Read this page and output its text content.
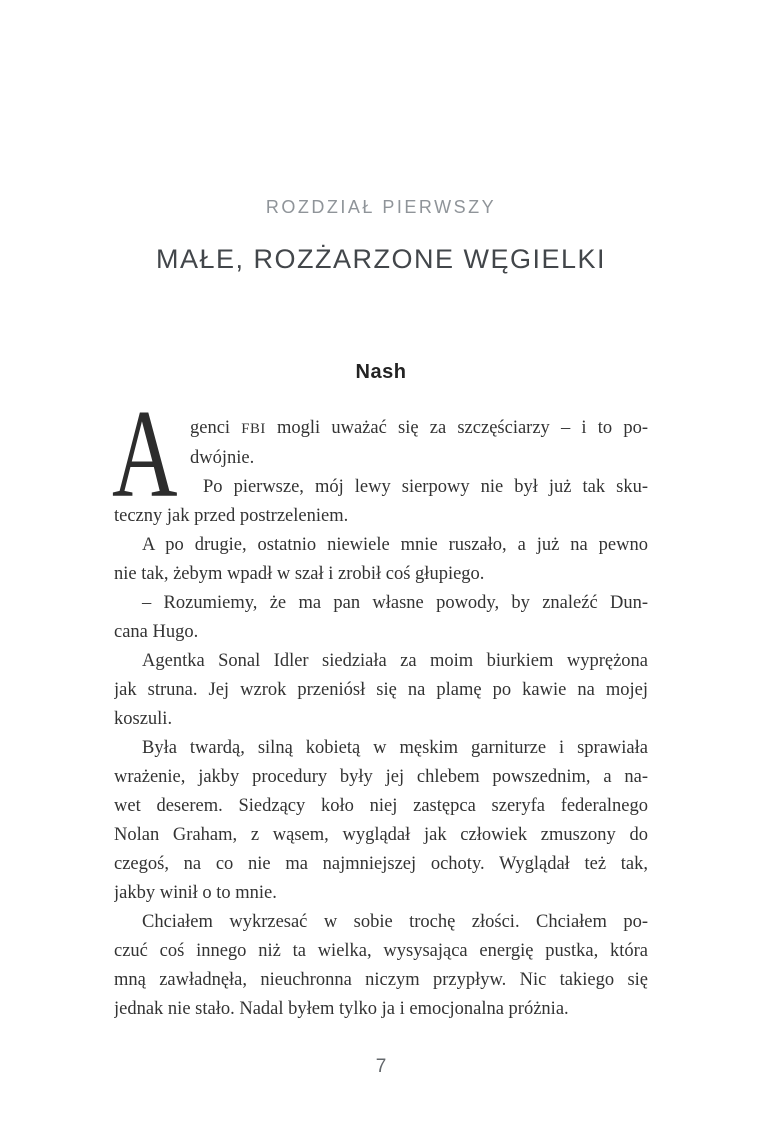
ROZDZIAŁ PIERWSZY
MAŁE, ROZŻARZONE WĘGIELKI
Nash
A genci FBI mogli uważać się za szczęściarzy – i to po-
dwójnie.
Po pierwsze, mój lewy sierpowy nie był już tak sku-
teczny jak przed postrzeleniem.
A po drugie, ostatnio niewiele mnie ruszało, a już na pewno
nie tak, żebym wpadł w szał i zrobił coś głupiego.
– Rozumiemy, że ma pan własne powody, by znaleźć Dun-
cana Hugo.
Agentka Sonal Idler siedziała za moim biurkiem wyprężona
jak struna. Jej wzrok przeniósł się na plamę po kawie na mojej
koszuli.
Była twardą, silną kobietą w męskim garniturze i sprawiała
wrażenie, jakby procedury były jej chlebem powszednim, a na-
wet deserem. Siedzący koło niej zastępca szeryfa federalnego
Nolan Graham, z wąsem, wyglądał jak człowiek zmuszony do
czegoś, na co nie ma najmniejszej ochoty. Wyglądał też tak,
jakby winił o to mnie.
Chciałem wykrzesać w sobie trochę złości. Chciałem po-
czuć coś innego niż ta wielka, wysysająca energię pustka, która
mną zawładnęła, nieuchronna niczym przypływ. Nic takiego się
jednak nie stało. Nadal byłem tylko ja i emocjonalna próżnia.
7
